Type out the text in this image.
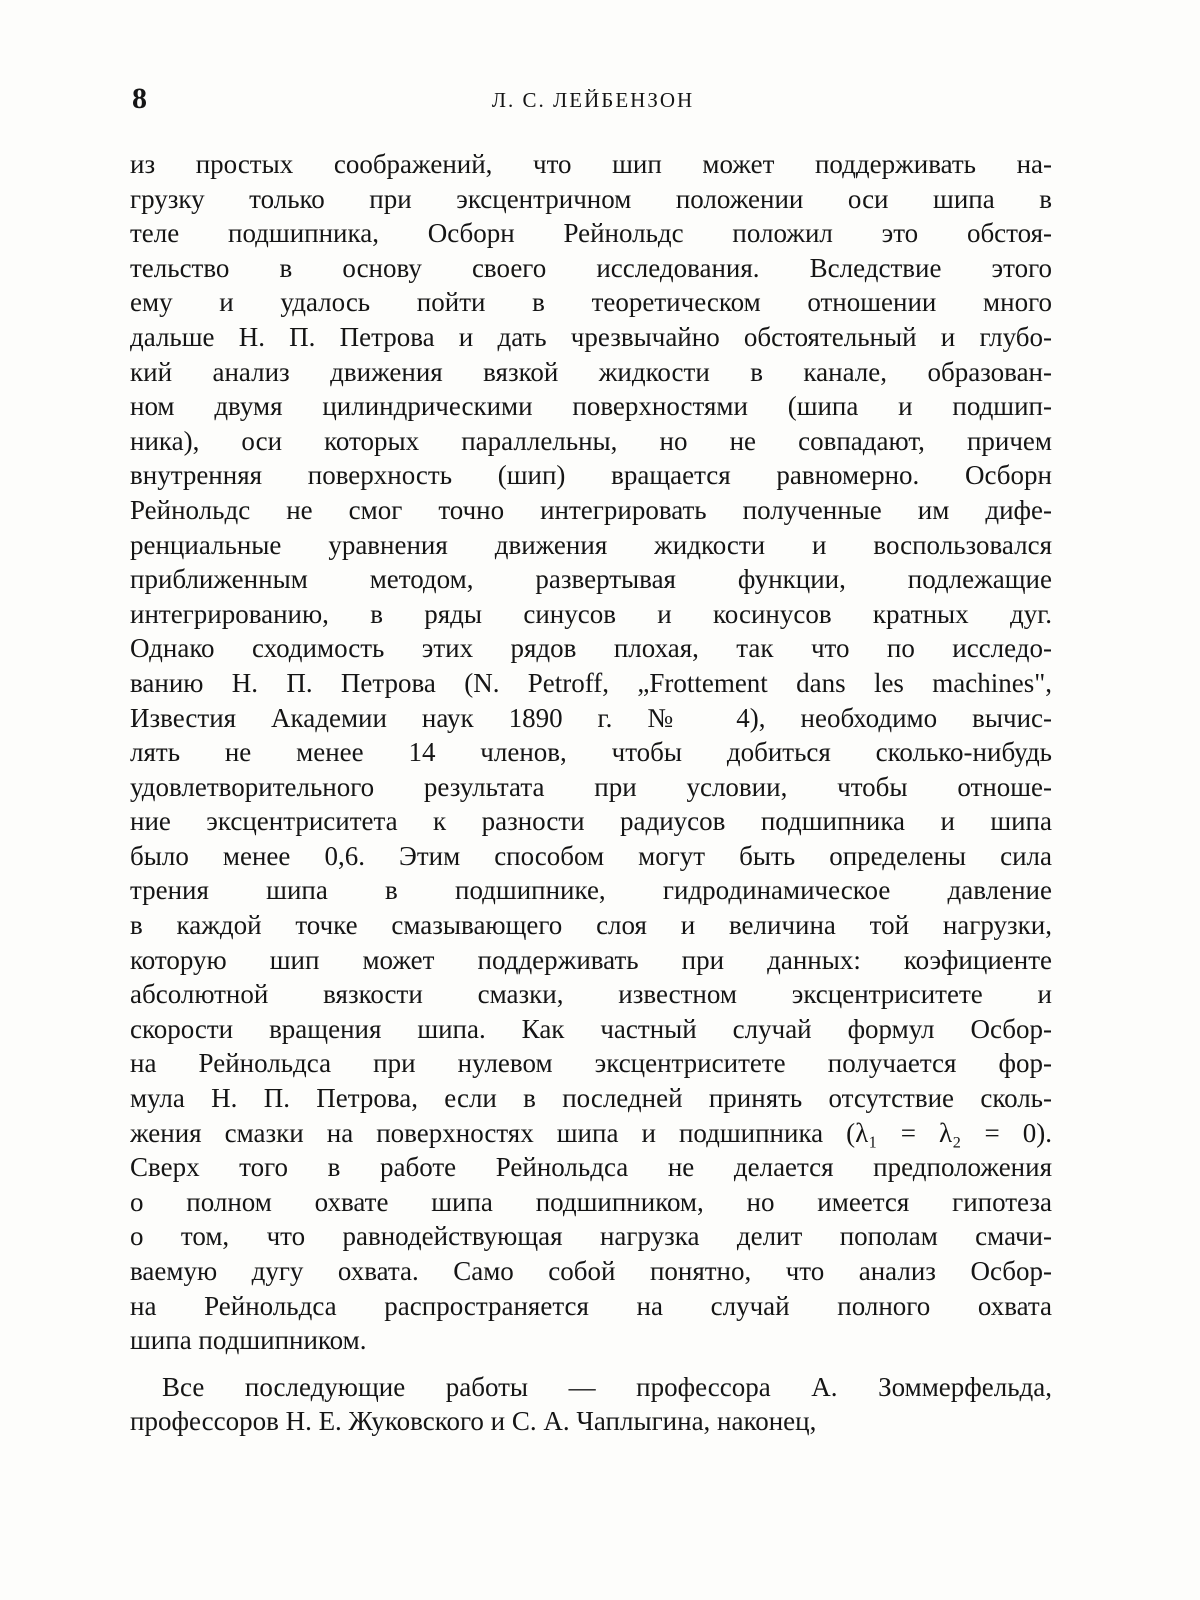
8	Л. С. ЛЕЙБЕНЗОН
из простых соображений, что шип может поддерживать на-
грузку только при эксцентричном положении оси шипа в
теле подшипника, Осборн Рейнольдс положил это обстоя-
тельство в основу своего исследования. Вследствие этого
ему и удалось пойти в теоретическом отношении много
дальше Н. П. Петрова и дать чрезвычайно обстоятельный и глубо-
кий анализ движения вязкой жидкости в канале, образован-
ном двумя цилиндрическими поверхностями (шипа и подшип-
ника), оси которых параллельны, но не совпадают, причем
внутренняя поверхность (шип) вращается равномерно. Осборн
Рейнольдс не смог точно интегрировать полученные им дифе-
ренциальные уравнения движения жидкости и воспользовался
приближенным методом, развертывая функции, подлежащие
интегрированию, в ряды синусов и косинусов кратных дуг.
Однако сходимость этих рядов плохая, так что по исследо-
ванию Н. П. Петрова (N. Petroff, „Frottement dans les machines",
Известия Академии наук 1890 г. № 4), необходимо вычис-
лять не менее 14 членов, чтобы добиться сколько-нибудь
удовлетворительного результата при условии, чтобы отноше-
ние эксцентриситета к разности радиусов подшипника и шипа
было менее 0,6. Этим способом могут быть определены сила
трения шипа в подшипнике, гидродинамическое давление
в каждой точке смазывающего слоя и величина той нагрузки,
которую шип может поддерживать при данных: коэфициенте
абсолютной вязкости смазки, известном эксцентриситете и
скорости вращения шипа. Как частный случай формул Осбор-
на Рейнольдса при нулевом эксцентриситете получается фор-
мула Н. П. Петрова, если в последней принять отсутствие сколь-
жения смазки на поверхностях шипа и подшипника (λ₁ = λ₂ = 0).
Сверх того в работе Рейнольдса не делается предположения
о полном охвате шипа подшипником, но имеется гипотеза
о том, что равнодействующая нагрузка делит пополам смачи-
ваемую дугу охвата. Само собой понятно, что анализ Осбор-
на Рейнольдса распространяется на случай полного охвата
шипа подшипником.
Все последующие работы — профессора А. Зоммерфельда,
профессоров Н. Е. Жуковского и С. А. Чаплыгина, наконец,
